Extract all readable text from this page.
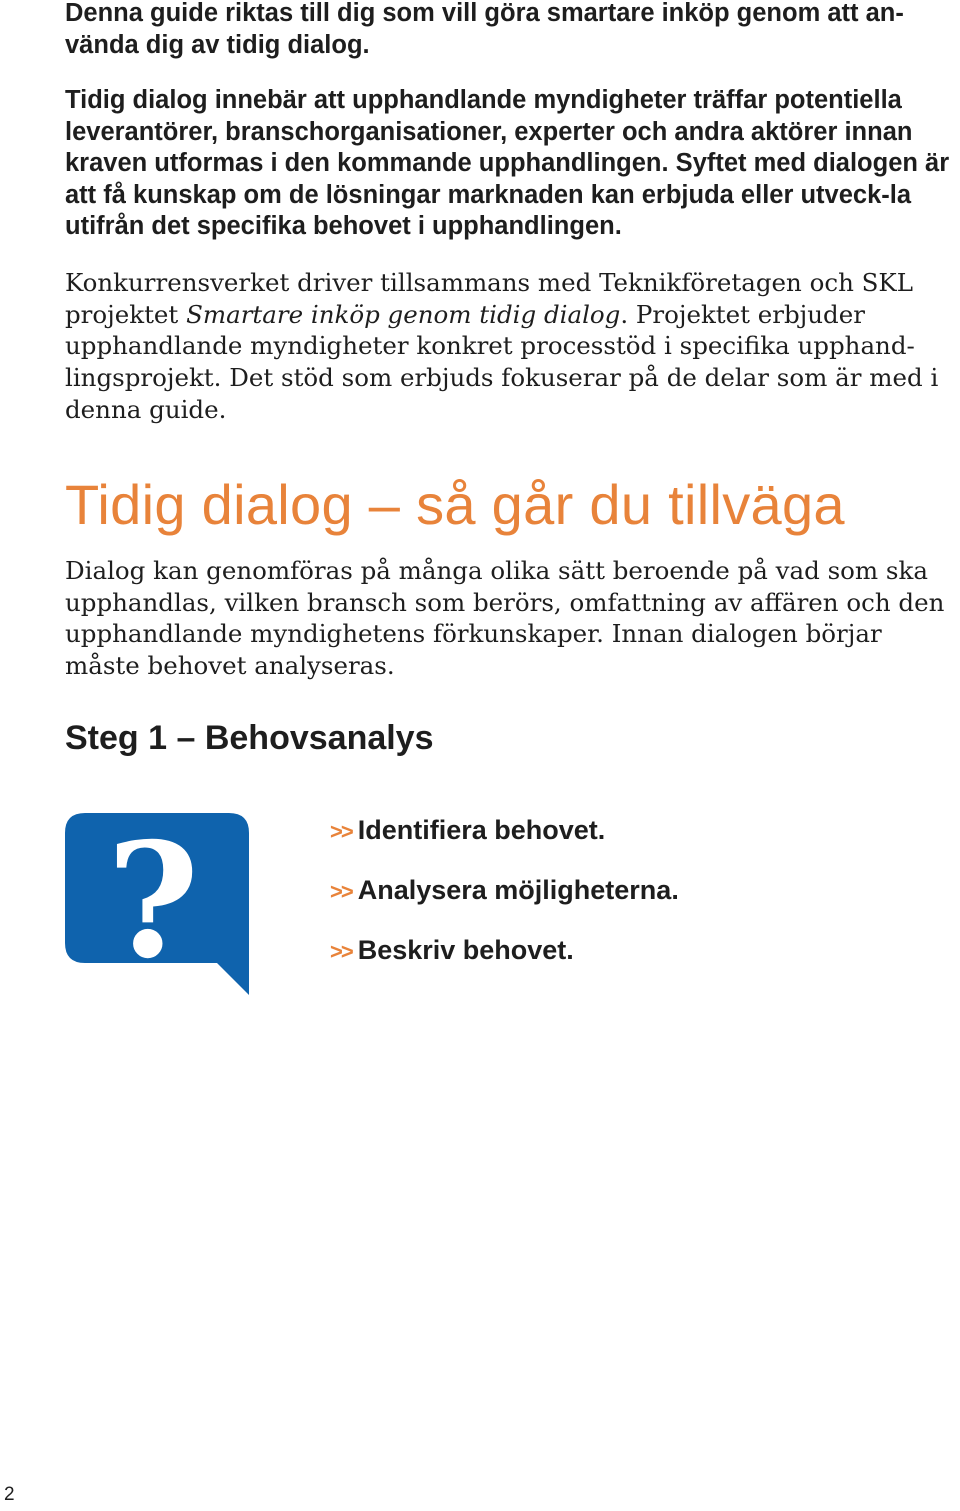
Denna guide riktas till dig som vill göra smartare inköp genom att an-vända dig av tidig dialog.

Tidig dialog innebär att upphandlande myndigheter träffar potentiella leverantörer, branschorganisationer, experter och andra aktörer innan kraven utformas i den kommande upphandlingen. Syftet med dialogen är att få kunskap om de lösningar marknaden kan erbjuda eller utveck-la utifrån det specifika behovet i upphandlingen.

Konkurrensverket driver tillsammans med Teknikföretagen och SKL projektet Smartare inköp genom tidig dialog. Projektet erbjuder upphandlande myndigheter konkret processtöd i specifika upphand-lingsprojekt. Det stöd som erbjuds fokuserar på de delar som är med i denna guide.

Tidig dialog – så går du tillväga

Dialog kan genomföras på många olika sätt beroende på vad som ska upphandlas, vilken bransch som berörs, omfattning av affären och den upphandlande myndighetens förkunskaper. Innan dialogen börjar måste behovet analyseras.

Steg 1 – Behovsanalys
?	>> Identifiera behovet.
>> Analysera möjligheterna.
>> Beskriv behovet.
2
